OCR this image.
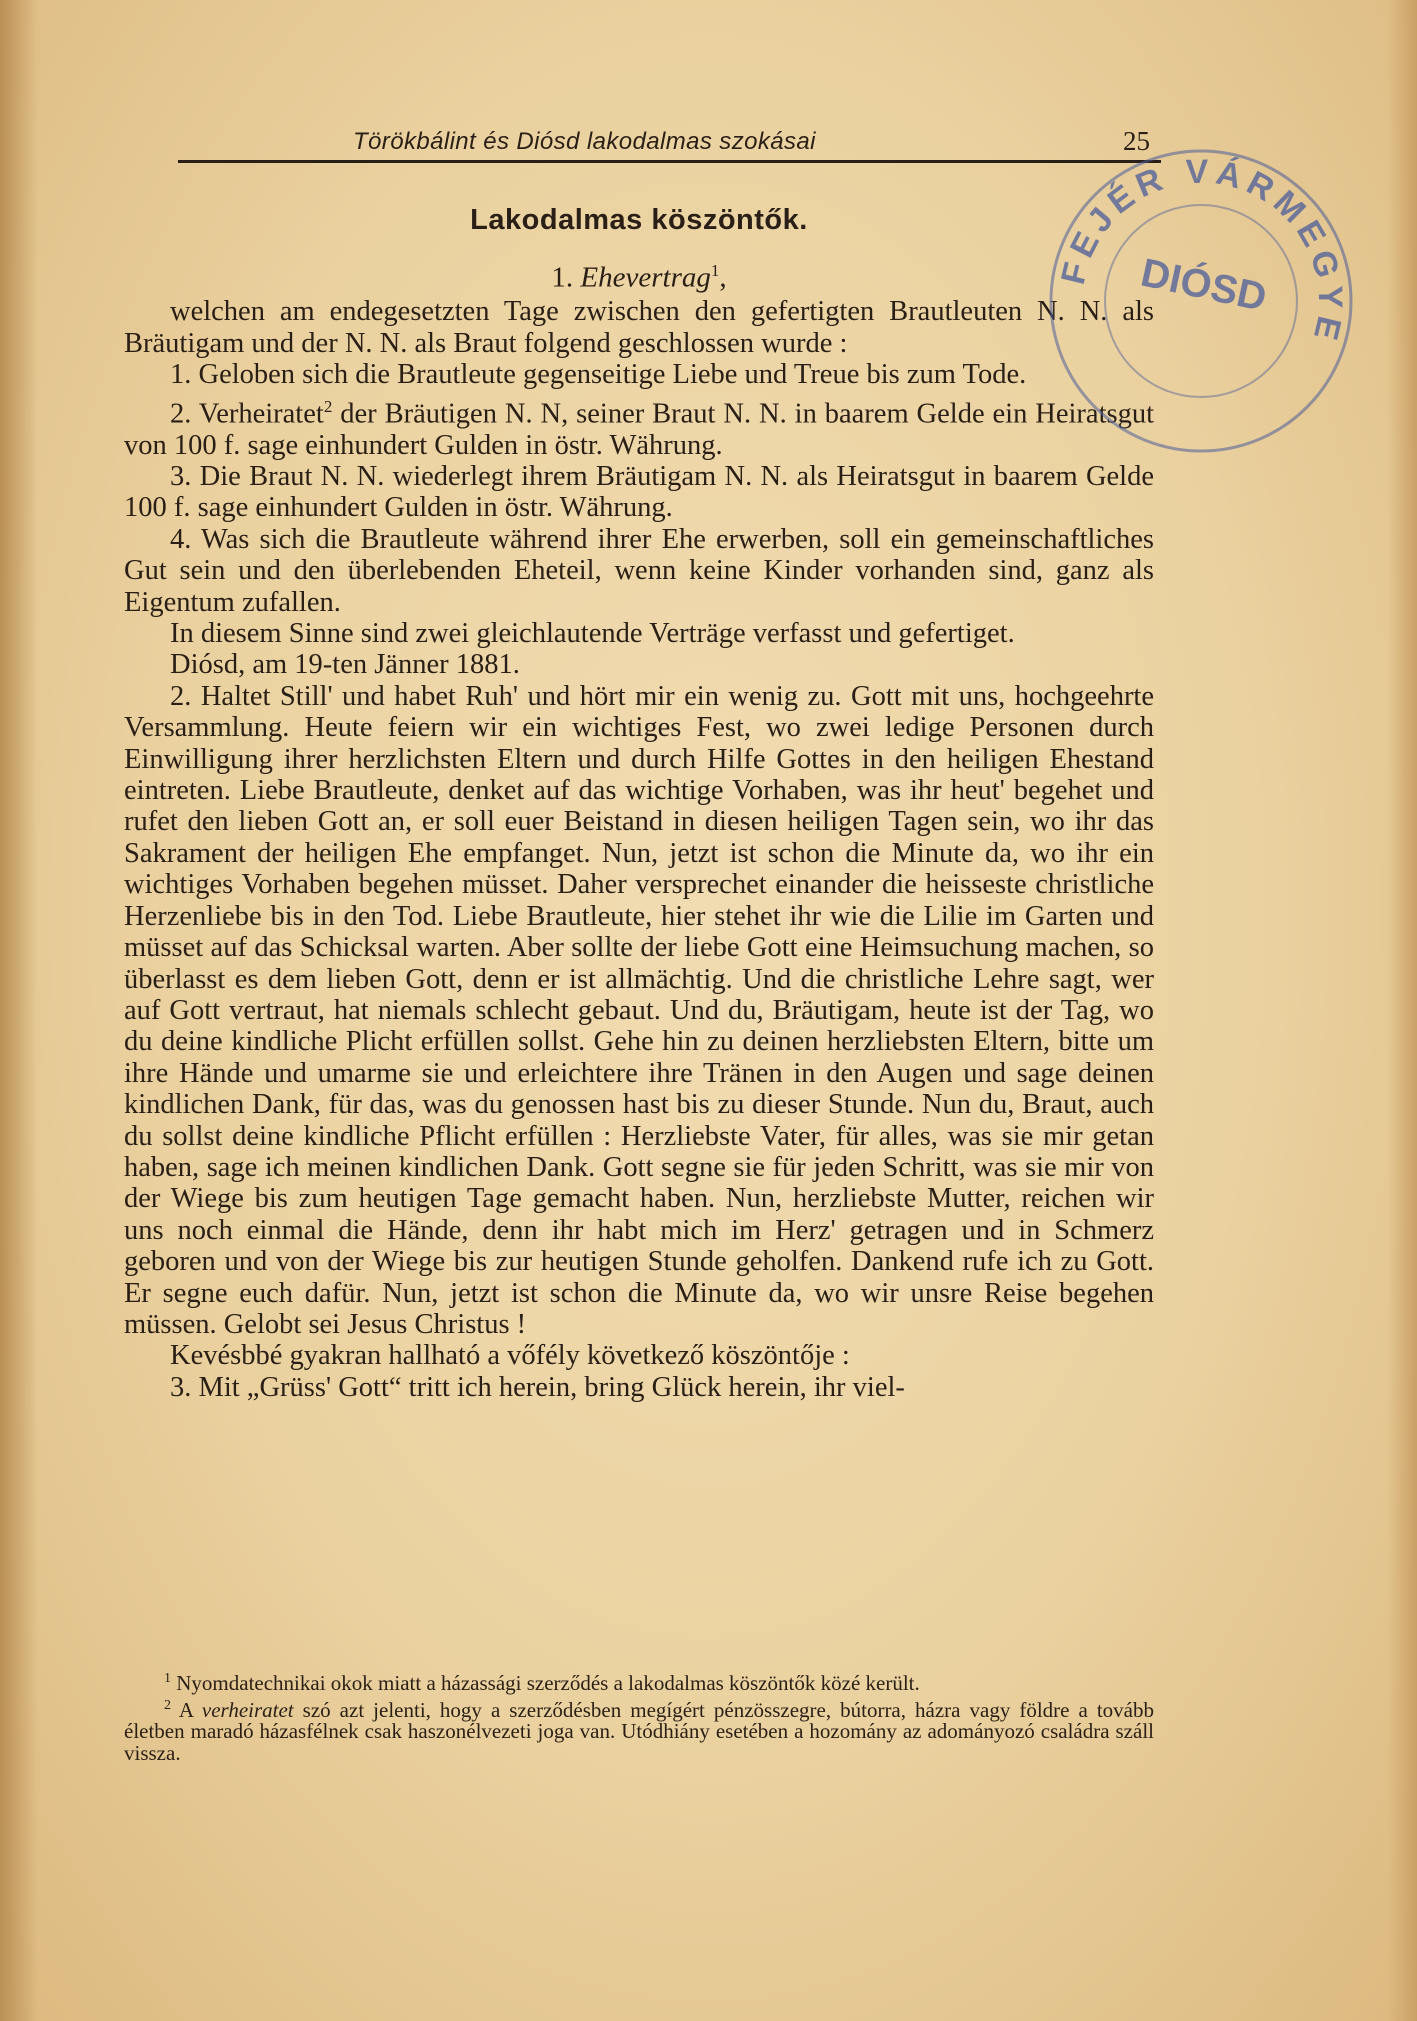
Törökbálint és Diósd lakodalmas szokásai	25

Lakodalmas köszöntők.

1. Ehevertrag$^1$,

welchen am endegesetzten Tage zwischen den gefertigten Brautleuten N. N. als Bräutigam und der N. N. als Braut folgend geschlossen wurde :

1. Geloben sich die Brautleute gegenseitige Liebe und Treue bis zum Tode.

2. Verheiratet$^2$ der Bräutigen N. N, seiner Braut N. N. in baarem Gelde ein Heiratsgut von 100 f. sage einhundert Gulden in östr. Währung.

3. Die Braut N. N. wiederlegt ihrem Bräutigam N. N. als Heiratsgut in baarem Gelde 100 f. sage einhundert Gulden in östr. Währung.

4. Was sich die Brautleute während ihrer Ehe erwerben, soll ein gemeinschaftliches Gut sein und den überlebenden Eheteil, wenn keine Kinder vorhanden sind, ganz als Eigentum zufallen.

In diesem Sinne sind zwei gleichlautende Verträge verfasst und gefertiget.

Diósd, am 19-ten Jänner 1881.

2. Haltet Still' und habet Ruh' und hört mir ein wenig zu. Gott mit uns, hochgeehrte Versammlung. Heute feiern wir ein wichtiges Fest, wo zwei ledige Personen durch Einwilligung ihrer herzlichsten Eltern und durch Hilfe Gottes in den heiligen Ehestand eintreten. Liebe Brautleute, denket auf das wichtige Vorhaben, was ihr heut' begehet und rufet den lieben Gott an, er soll euer Beistand in diesen heiligen Tagen sein, wo ihr das Sakrament der heiligen Ehe empfanget. Nun, jetzt ist schon die Minute da, wo ihr ein wichtiges Vorhaben begehen müsset. Daher versprechet einander die heisseste christliche Herzenliebe bis in den Tod. Liebe Brautleute, hier stehet ihr wie die Lilie im Garten und müsset auf das Schicksal warten. Aber sollte der liebe Gott eine Heimsuchung machen, so überlasst es dem lieben Gott, denn er ist allmächtig. Und die christliche Lehre sagt, wer auf Gott vertraut, hat niemals schlecht gebaut. Und du, Bräutigam, heute ist der Tag, wo du deine kindliche Plicht erfüllen sollst. Gehe hin zu deinen herzliebsten Eltern, bitte um ihre Hände und umarme sie und erleichtere ihre Tränen in den Augen und sage deinen kindlichen Dank, für das, was du genossen hast bis zu dieser Stunde. Nun du, Braut, auch du sollst deine kindliche Pflicht erfüllen : Herzliebste Vater, für alles, was sie mir getan haben, sage ich meinen kindlichen Dank. Gott segne sie für jeden Schritt, was sie mir von der Wiege bis zum heutigen Tage gemacht haben. Nun, herzliebste Mutter, reichen wir uns noch einmal die Hände, denn ihr habt mich im Herz' getragen und in Schmerz geboren und von der Wiege bis zur heutigen Stunde geholfen. Dankend rufe ich zu Gott. Er segne euch dafür. Nun, jetzt ist schon die Minute da, wo wir unsre Reise begehen müssen. Gelobt sei Jesus Christus !

Kevésbbé gyakran hallható a vőfély következő köszöntője :

3. Mit „Grüss' Gott“ tritt ich herein, bring Glück herein, ihr viel-

$^1$ Nyomdatechnikai okok miatt a házassági szerződés a lakodalmas köszöntők közé került.

$^2$ A verheiratet szó azt jelenti, hogy a szerződésben megígért pénzösszegre, bútorra, házra vagy földre a tovább életben maradó házasfélnek csak haszonélvezeti joga van. Utódhiány esetében a hozomány az adományozó családra száll vissza.

FEJÉR VÁRMEGYE
DIÓSD
